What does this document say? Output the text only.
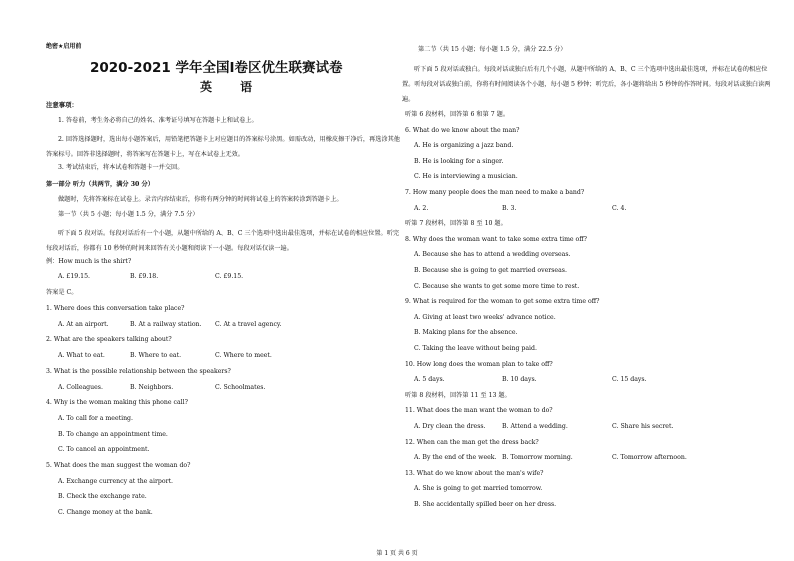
绝密★启用前
2020-2021 学年全国Ⅰ卷区优生联赛试卷
英 语
注意事项：
1. 答卷前，考生务必将自己的姓名、准考证号填写在答题卡上和试卷上。
2. 回答选择题时，选出每小题答案后，用铅笔把答题卡上对应题目的答案标号涂黑。如需改动，用橡皮擦干净后，再选涂其他答案标号。回答非选择题时，将答案写在答题卡上，写在本试卷上无效。
3. 考试结束后，将本试卷和答题卡一并交回。
第一部分 听力（共两节，满分 30 分）
做题时，先将答案标在试卷上。录音内容结束后，你将有两分钟的时间将试卷上的答案转涂到答题卡上。
第一节（共 5 小题；每小题 1.5 分，满分 7.5 分）
听下面 5 段对话。每段对话后有一个小题，从题中所给的 A、B、C 三个选项中选出最佳选项，并标在试卷的相应位置。听完每段对话后，你都有 10 秒钟的时间来回答有关小题和阅读下一小题。每段对话仅读一遍。
例：How much is the shirt?
A. £19.15.	B. £9.18.	C. £9.15.
答案是 C。
1. Where does this conversation take place?
A. At an airport.	B. At a railway station. C. At a travel agency.
2. What are the speakers talking about?
A. What to eat.	B. Where to eat.	C. Where to meet.
3. What is the possible relationship between the speakers?
A. Colleagues.	B. Neighbors.	C. Schoolmates.
4. Why is the woman making this phone call?
A. To call for a meeting.
B. To change an appointment time.
C. To cancel an appointment.
5. What does the man suggest the woman do?
A. Exchange currency at the airport.
B. Check the exchange rate.
C. Change money at the bank.
第二节（共 15 小题；每小题 1.5 分，满分 22.5 分）
听下面 5 段对话或独白。每段对话或独白后有几个小题，从题中所给的 A、B、C 三个选项中选出最佳选项，并标在试卷的相应位置。听每段对话或独白前，你将有时间阅读各个小题，每小题 5 秒钟；听完后，各小题将给出 5 秒钟的作答时间。每段对话或独白读两遍。
听第 6 段材料，回答第 6 和第 7 题。
6. What do we know about the man?
A. He is organizing a jazz band.
B. He is looking for a singer.
C. He is interviewing a musician.
7. How many people does the man need to make a band?
A. 2.	B. 3.	C. 4.
听第 7 段材料，回答第 8 至 10 题。
8. Why does the woman want to take some extra time off?
A. Because she has to attend a wedding overseas.
B. Because she is going to get married overseas.
C. Because she wants to get some more time to rest.
9. What is required for the woman to get some extra time off?
A. Giving at least two weeks' advance notice.
B. Making plans for the absence.
C. Taking the leave without being paid.
10. How long does the woman plan to take off?
A. 5 days.	B. 10 days.	C. 15 days.
听第 8 段材料，回答第 11 至 13 题。
11. What does the man want the woman to do?
A. Dry clean the dress.	B. Attend a wedding.	C. Share his secret.
12. When can the man get the dress back?
A. By the end of the week. B. Tomorrow morning.	C. Tomorrow afternoon.
13. What do we know about the man's wife?
A. She is going to get married tomorrow.
B. She accidentally spilled beer on her dress.
第 1 页 共 6 页
